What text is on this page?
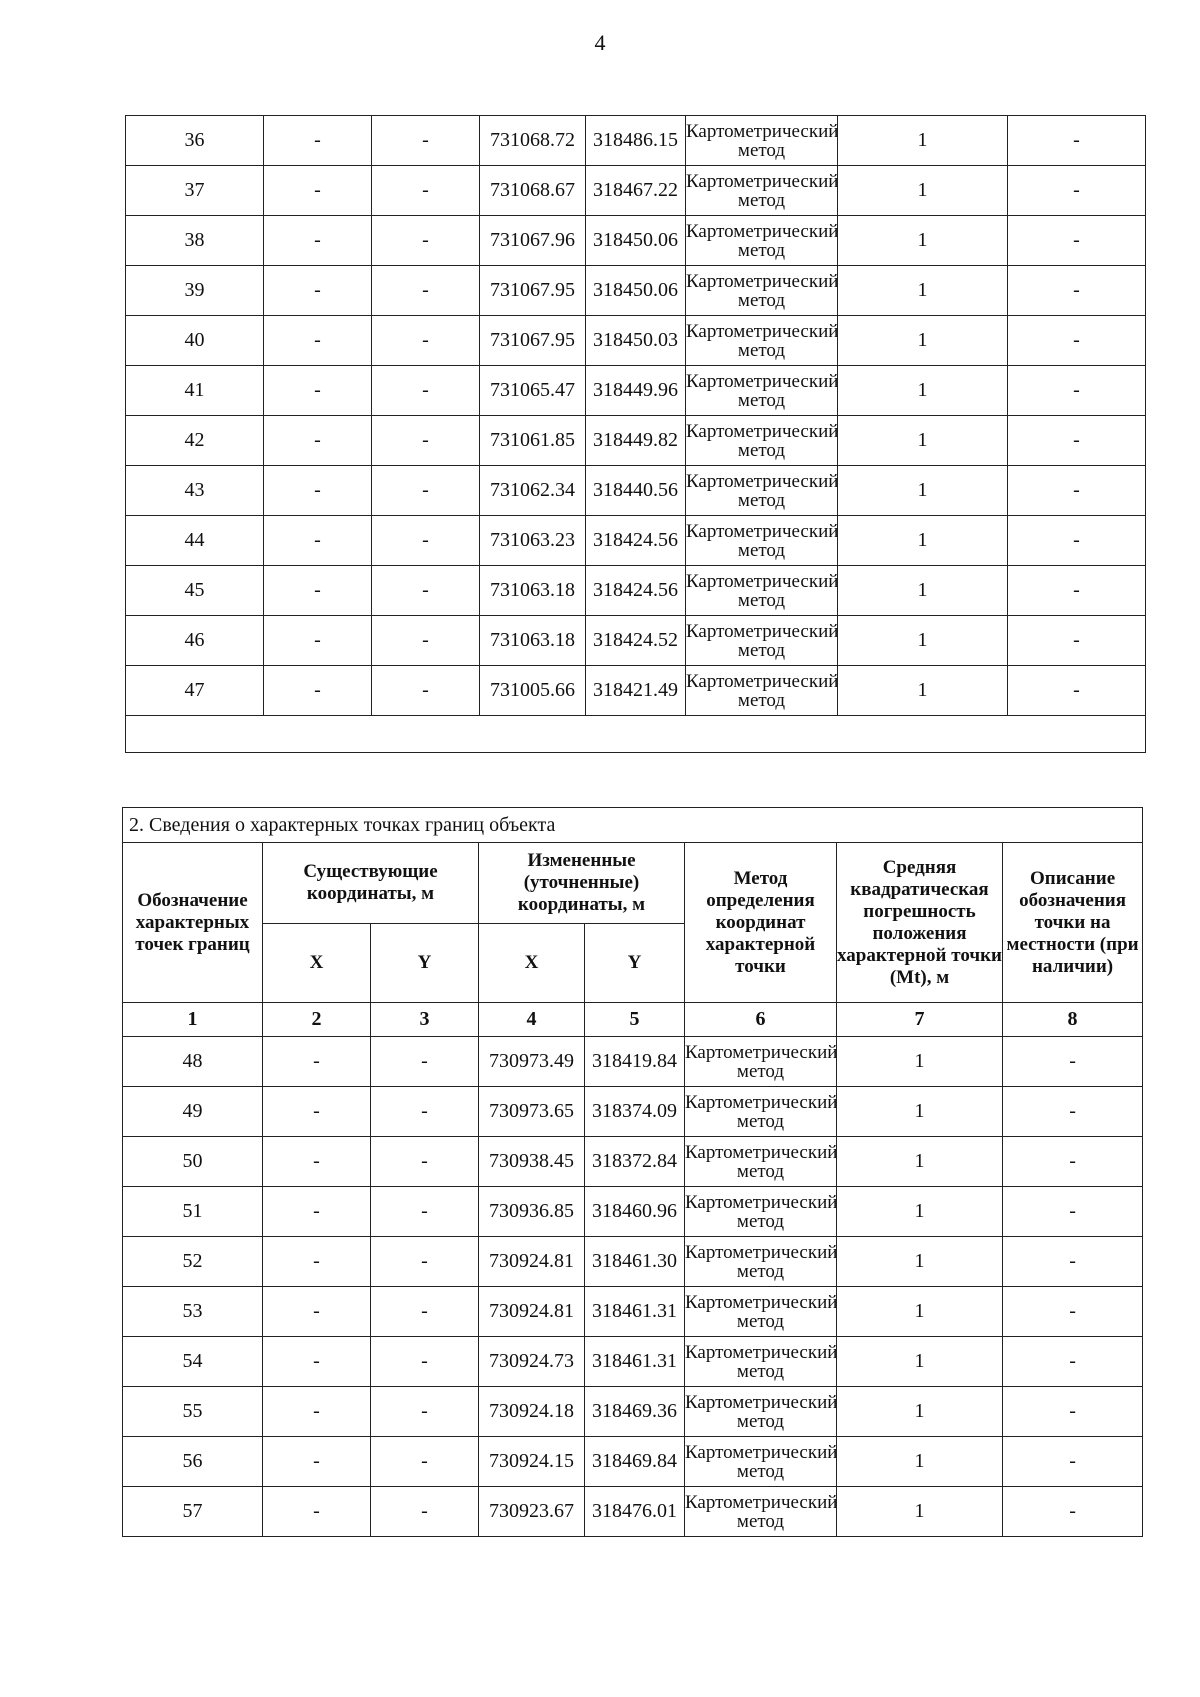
4
36	-	-	731068.72	318486.15	Картометрический метод	1	-
37	-	-	731068.67	318467.22	Картометрический метод	1	-
38	-	-	731067.96	318450.06	Картометрический метод	1	-
39	-	-	731067.95	318450.06	Картометрический метод	1	-
40	-	-	731067.95	318450.03	Картометрический метод	1	-
41	-	-	731065.47	318449.96	Картометрический метод	1	-
42	-	-	731061.85	318449.82	Картометрический метод	1	-
43	-	-	731062.34	318440.56	Картометрический метод	1	-
44	-	-	731063.23	318424.56	Картометрический метод	1	-
45	-	-	731063.18	318424.56	Картометрический метод	1	-
46	-	-	731063.18	318424.52	Картометрический метод	1	-
47	-	-	731005.66	318421.49	Картометрический метод	1	-

2. Сведения о характерных точках границ объекта							
Обозначение характерных точек границ	Существующие координаты, м		Измененные (уточненные) координаты, м		Метод определения координат характерной точки	Средняя квадратическая погрешность положения характерной точки (Mt), м	Описание обозначения точки на местности (при наличии)
	X	Y	X	Y			
1	2	3	4	5	6	7	8
48	-	-	730973.49	318419.84	Картометрический метод	1	-
49	-	-	730973.65	318374.09	Картометрический метод	1	-
50	-	-	730938.45	318372.84	Картометрический метод	1	-
51	-	-	730936.85	318460.96	Картометрический метод	1	-
52	-	-	730924.81	318461.30	Картометрический метод	1	-
53	-	-	730924.81	318461.31	Картометрический метод	1	-
54	-	-	730924.73	318461.31	Картометрический метод	1	-
55	-	-	730924.18	318469.36	Картометрический метод	1	-
56	-	-	730924.15	318469.84	Картометрический метод	1	-
57	-	-	730923.67	318476.01	Картометрический метод	1	-
